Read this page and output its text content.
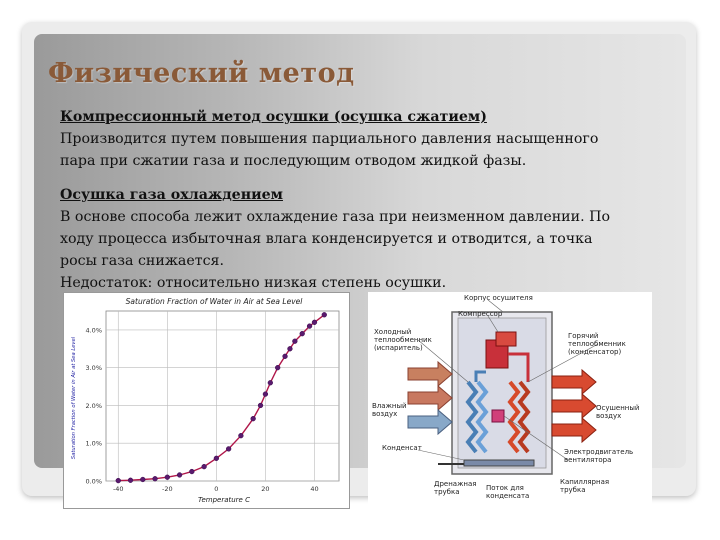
Физический метод
Компрессионный метод осушки (осушка сжатием)
Производится путем повышения парциального давления насыщенного
пара при сжатии газа и последующим отводом жидкой фазы.
Осушка газа охлаждением
В основе способа лежит охлаждение газа при неизменном давлении. По
ходу процесса избыточная влага конденсируется и отводится, а точка
росы газа снижается.
Недостаток: относительно низкая степень осушки.
Saturation Fraction of Water in Air at Sea Level
Temperature C
Saturation Fraction of Water in Air at Sea Level
0.0%
1.0%
2.0%
3.0%
4.0%
-40	-20	0	20	40
Корпус осушителя
Компрессор
Холодный теплообменник (испаритель)
Горячий теплообменник (конденсатор)
Влажный воздух
Осушенный воздух
Конденсат	Электродвигатель вентилятора
Дренажная трубка	Поток для конденсата
Капиллярная трубка
